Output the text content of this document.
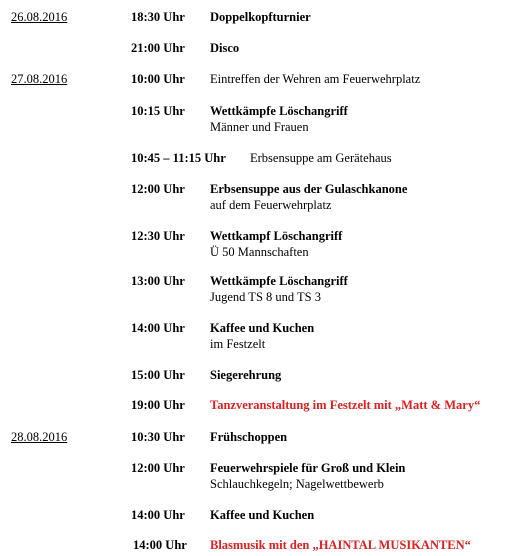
26.08.2016	18:30 Uhr Doppelkopfturnier
21:00 Uhr Disco
27.08.2016	10:00 Uhr Eintreffen der Wehren am Feuerwehrplatz
10:15 Uhr Wettkämpfe Löschangriff
Männer und Frauen
10:45 – 11:15 Uhr Erbsensuppe am Gerätehaus
12:00 Uhr Erbsensuppe aus der Gulaschkanone
auf dem Feuerwehrplatz
12:30 Uhr Wettkampf Löschangriff
Ü 50 Mannschaften
13:00 Uhr Wettkämpfe Löschangriff
Jugend TS 8 und TS 3
14:00 Uhr Kaffee und Kuchen
im Festzelt
15:00 Uhr Siegerehrung
19:00 Uhr Tanzveranstaltung im Festzelt mit „Matt & Mary“
28.08.2016	10:30 Uhr Frühschoppen
12:00 Uhr Feuerwehrspiele für Groß und Klein
Schlauchkegeln; Nagelwettbewerb
14:00 Uhr Kaffee und Kuchen
14:00 Uhr Blasmusik mit den „HAINTAL MUSIKANTEN“
